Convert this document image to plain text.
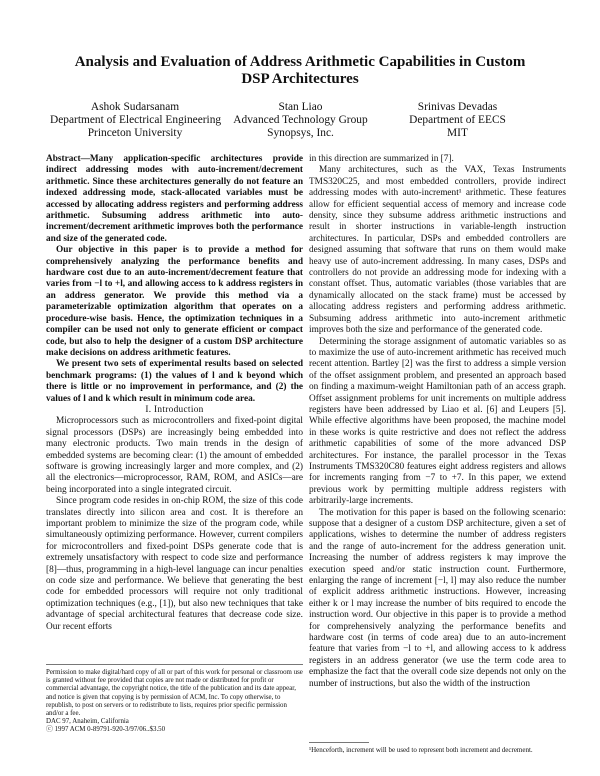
Analysis and Evaluation of Address Arithmetic Capabilities in Custom DSP Architectures
Ashok Sudarsanam
Department of Electrical Engineering
Princeton University
Stan Liao
Advanced Technology Group
Synopsys, Inc.
Srinivas Devadas
Department of EECS
MIT

Abstract—Many application-specific architectures provide indirect addressing modes with auto-increment/decrement arithmetic. Since these architectures generally do not feature an indexed addressing mode, stack-allocated variables must be accessed by allocating address registers and performing address arithmetic. Subsuming address arithmetic into auto-increment/decrement arithmetic improves both the performance and size of the generated code.

Our objective in this paper is to provide a method for comprehensively analyzing the performance benefits and hardware cost due to an auto-increment/decrement feature that varies from −l to +l, and allowing access to k address registers in an address generator. We provide this method via a parameterizable optimization algorithm that operates on a procedure-wise basis. Hence, the optimization techniques in a compiler can be used not only to generate efficient or compact code, but also to help the designer of a custom DSP architecture make decisions on address arithmetic features.

We present two sets of experimental results based on selected benchmark programs: (1) the values of l and k beyond which there is little or no improvement in performance, and (2) the values of l and k which result in minimum code area.

I. Introduction

Microprocessors such as microcontrollers and fixed-point digital signal processors (DSPs) are increasingly being embedded into many electronic products. Two main trends in the design of embedded systems are becoming clear: (1) the amount of embedded software is growing increasingly larger and more complex, and (2) all the electronics—microprocessor, RAM, ROM, and ASICs—are being incorporated into a single integrated circuit.

Since program code resides in on-chip ROM, the size of this code translates directly into silicon area and cost. It is therefore an important problem to minimize the size of the program code, while simultaneously optimizing performance. However, current compilers for microcontrollers and fixed-point DSPs generate code that is extremely unsatisfactory with respect to code size and performance [8]—thus, programming in a high-level language can incur penalties on code size and performance. We believe that generating the best code for embedded processors will require not only traditional optimization techniques (e.g., [1]), but also new techniques that take advantage of special architectural features that decrease code size. Our recent efforts

Permission to make digital/hard copy of all or part of this work for personal or classroom use is granted without fee provided that copies are not made or distributed for profit or commercial advantage, the copyright notice, the title of the publication and its date appear, and notice is given that copying is by permission of ACM, Inc. To copy otherwise, to republish, to post on servers or to redistribute to lists, requires prior specific permission and/or a fee.
DAC 97, Anaheim, California
ⓒ 1997 ACM 0-89791-920-3/97/06..$3.50

in this direction are summarized in [7].

Many architectures, such as the VAX, Texas Instruments TMS320C25, and most embedded controllers, provide indirect addressing modes with auto-increment¹ arithmetic. These features allow for efficient sequential access of memory and increase code density, since they subsume address arithmetic instructions and result in shorter instructions in variable-length instruction architectures. In particular, DSPs and embedded controllers are designed assuming that software that runs on them would make heavy use of auto-increment addressing. In many cases, DSPs and controllers do not provide an addressing mode for indexing with a constant offset. Thus, automatic variables (those variables that are dynamically allocated on the stack frame) must be accessed by allocating address registers and performing address arithmetic. Subsuming address arithmetic into auto-increment arithmetic improves both the size and performance of the generated code.

Determining the storage assignment of automatic variables so as to maximize the use of auto-increment arithmetic has received much recent attention. Bartley [2] was the first to address a simple version of the offset assignment problem, and presented an approach based on finding a maximum-weight Hamiltonian path of an access graph. Offset assignment problems for unit increments on multiple address registers have been addressed by Liao et al. [6] and Leupers [5]. While effective algorithms have been proposed, the machine model in these works is quite restrictive and does not reflect the address arithmetic capabilities of some of the more advanced DSP architectures. For instance, the parallel processor in the Texas Instruments TMS320C80 features eight address registers and allows for increments ranging from −7 to +7. In this paper, we extend previous work by permitting multiple address registers with arbitrarily-large increments.

The motivation for this paper is based on the following scenario: suppose that a designer of a custom DSP architecture, given a set of applications, wishes to determine the number of address registers and the range of auto-increment for the address generation unit. Increasing the number of address registers k may improve the execution speed and/or static instruction count. Furthermore, enlarging the range of increment [−l, l] may also reduce the number of explicit address arithmetic instructions. However, increasing either k or l may increase the number of bits required to encode the instruction word. Our objective in this paper is to provide a method for comprehensively analyzing the performance benefits and hardware cost (in terms of code area) due to an auto-increment feature that varies from −l to +l, and allowing access to k address registers in an address generator (we use the term code area to emphasize the fact that the overall code size depends not only on the number of instructions, but also the width of the instruction

¹Henceforth, increment will be used to represent both increment and decrement.
